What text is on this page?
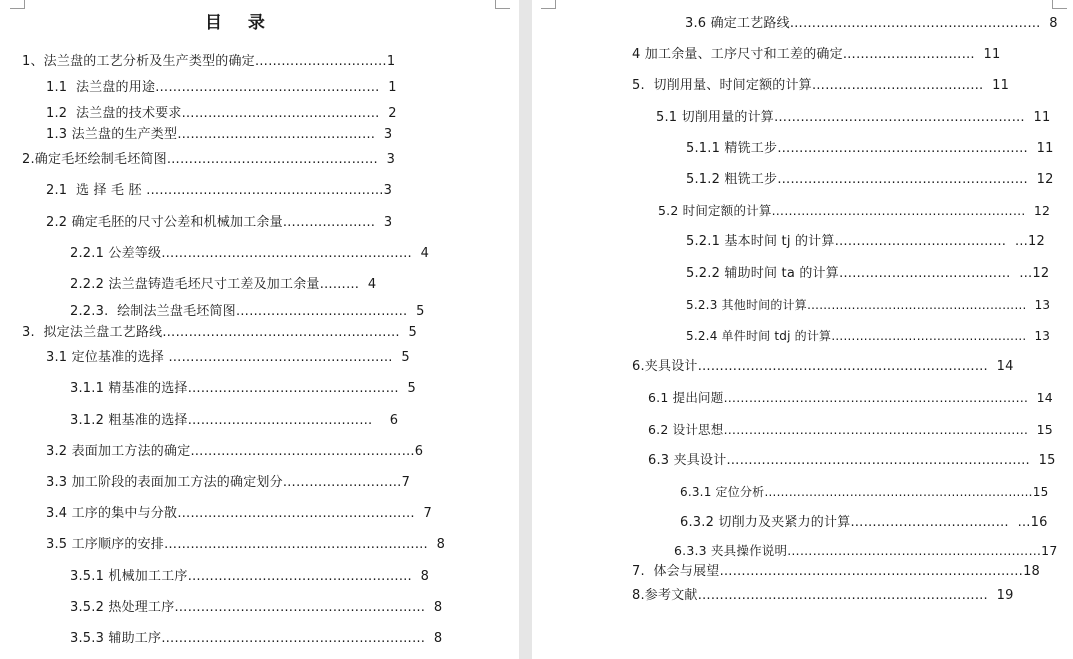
目 录
1、法兰盘的工艺分析及生产类型的确定…………………………1
1.1  法兰盘的用途……………………………………………  1
1.2  法兰盘的技术要求………………………………………  2
1.3 法兰盘的生产类型………………………………………  3
2.确定毛坯绘制毛坯简图…………………………………………  3
2.1  选 择 毛 胚 ………………………………………………3
2.2 确定毛胚的尺寸公差和机械加工余量…………………  3
2.2.1 公差等级…………………………………………………  4
2.2.2 法兰盘铸造毛坯尺寸工差及加工余量………  4
2.2.3.  绘制法兰盘毛坯简图…………………………………  5
3.  拟定法兰盘工艺路线………………………………………………  5
3.1 定位基准的选择 ……………………………………………  5
3.1.1 精基准的选择…………………………………………  5
3.1.2 粗基准的选择……………………………………    6
3.2 表面加工方法的确定……………………………………………6
3.3 加工阶段的表面加工方法的确定划分………………………7
3.4 工序的集中与分散………………………………………………  7
3.5 工序顺序的安排……………………………………………………  8
3.5.1 机械加工工序……………………………………………  8
3.5.2 热处理工序…………………………………………………  8
3.5.3 辅助工序……………………………………………………  8
3.6 确定工艺路线…………………………………………………  8
4 加工余量、工序尺寸和工差的确定…………………………  11
5.  切削用量、时间定额的计算…………………………………  11
5.1 切削用量的计算…………………………………………………  11
5.1.1 精铣工步…………………………………………………  11
5.1.2 粗铣工步…………………………………………………  12
5.2 时间定额的计算……………………………………………………  12
5.2.1 基本时间 tj 的计算…………………………………  …12
5.2.2 辅助时间 ta 的计算…………………………………  …12
5.2.3 其他时间的计算………………………………………………  13
5.2.4 单件时间 tdj 的计算…………………………………………  13
6.夹具设计…………………………………………………………  14
6.1 提出问题………………………………………………………………  14
6.2 设计思想………………………………………………………………  15
6.3 夹具设计……………………………………………………………  15
6.3.1 定位分析…………………………………………………………15
6.3.2 切削力及夹紧力的计算………………………………  …16
6.3.3 夹具操作说明……………………………………………………17
7.  体会与展望……………………………………………………………18
8.参考文献…………………………………………………………  19
